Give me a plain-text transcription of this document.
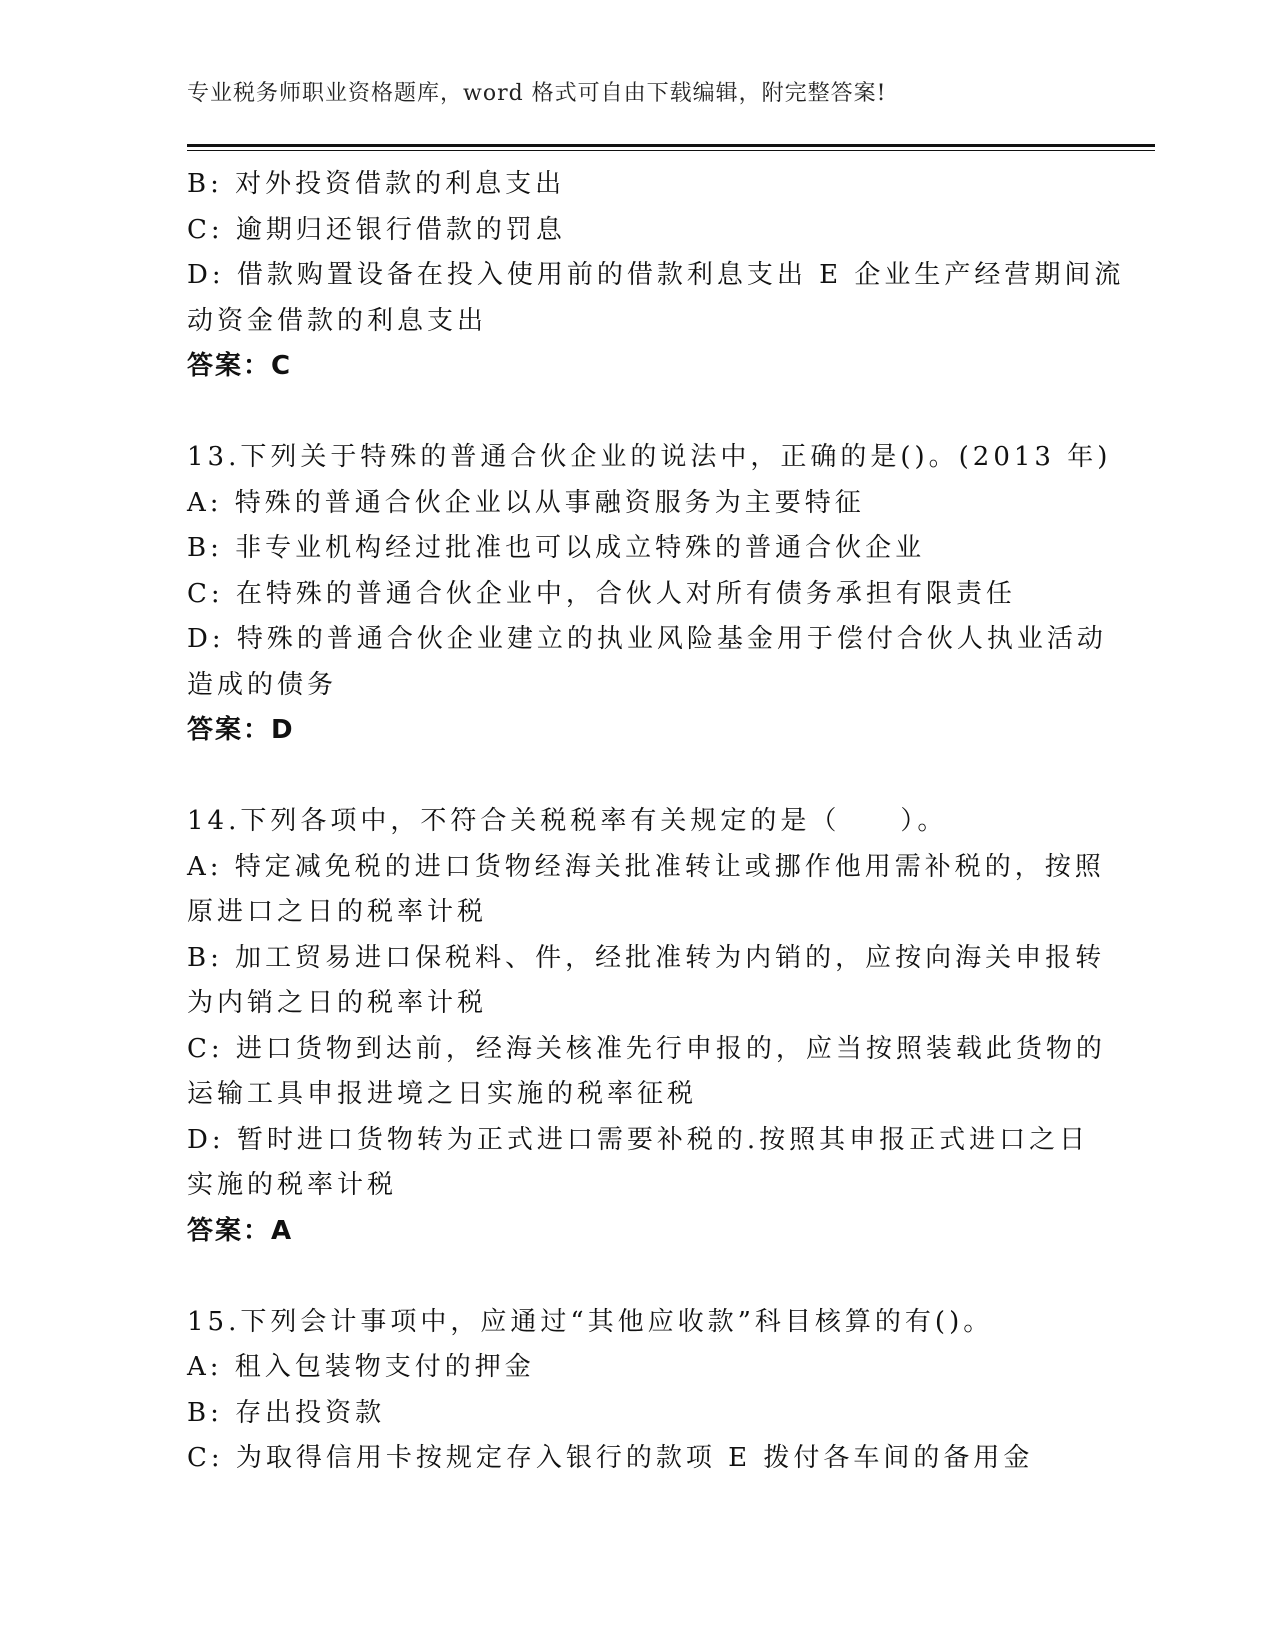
专业税务师职业资格题库，word 格式可自由下载编辑，附完整答案!
B: 对外投资借款的利息支出
C: 逾期归还银行借款的罚息
D: 借款购置设备在投入使用前的借款利息支出 E 企业生产经营期间流
动资金借款的利息支出
答案：C
13.下列关于特殊的普通合伙企业的说法中，正确的是()。(2013 年)
A: 特殊的普通合伙企业以从事融资服务为主要特征
B: 非专业机构经过批准也可以成立特殊的普通合伙企业
C: 在特殊的普通合伙企业中，合伙人对所有债务承担有限责任
D: 特殊的普通合伙企业建立的执业风险基金用于偿付合伙人执业活动
造成的债务
答案：D
14.下列各项中，不符合关税税率有关规定的是（　　）。
A: 特定减免税的进口货物经海关批准转让或挪作他用需补税的，按照
原进口之日的税率计税
B: 加工贸易进口保税料、件，经批准转为内销的，应按向海关申报转
为内销之日的税率计税
C: 进口货物到达前，经海关核准先行申报的，应当按照装载此货物的
运输工具申报进境之日实施的税率征税
D: 暂时进口货物转为正式进口需要补税的.按照其申报正式进口之日
实施的税率计税
答案：A
15.下列会计事项中，应通过“其他应收款”科目核算的有()。
A: 租入包装物支付的押金
B: 存出投资款
C: 为取得信用卡按规定存入银行的款项 E 拨付各车间的备用金
